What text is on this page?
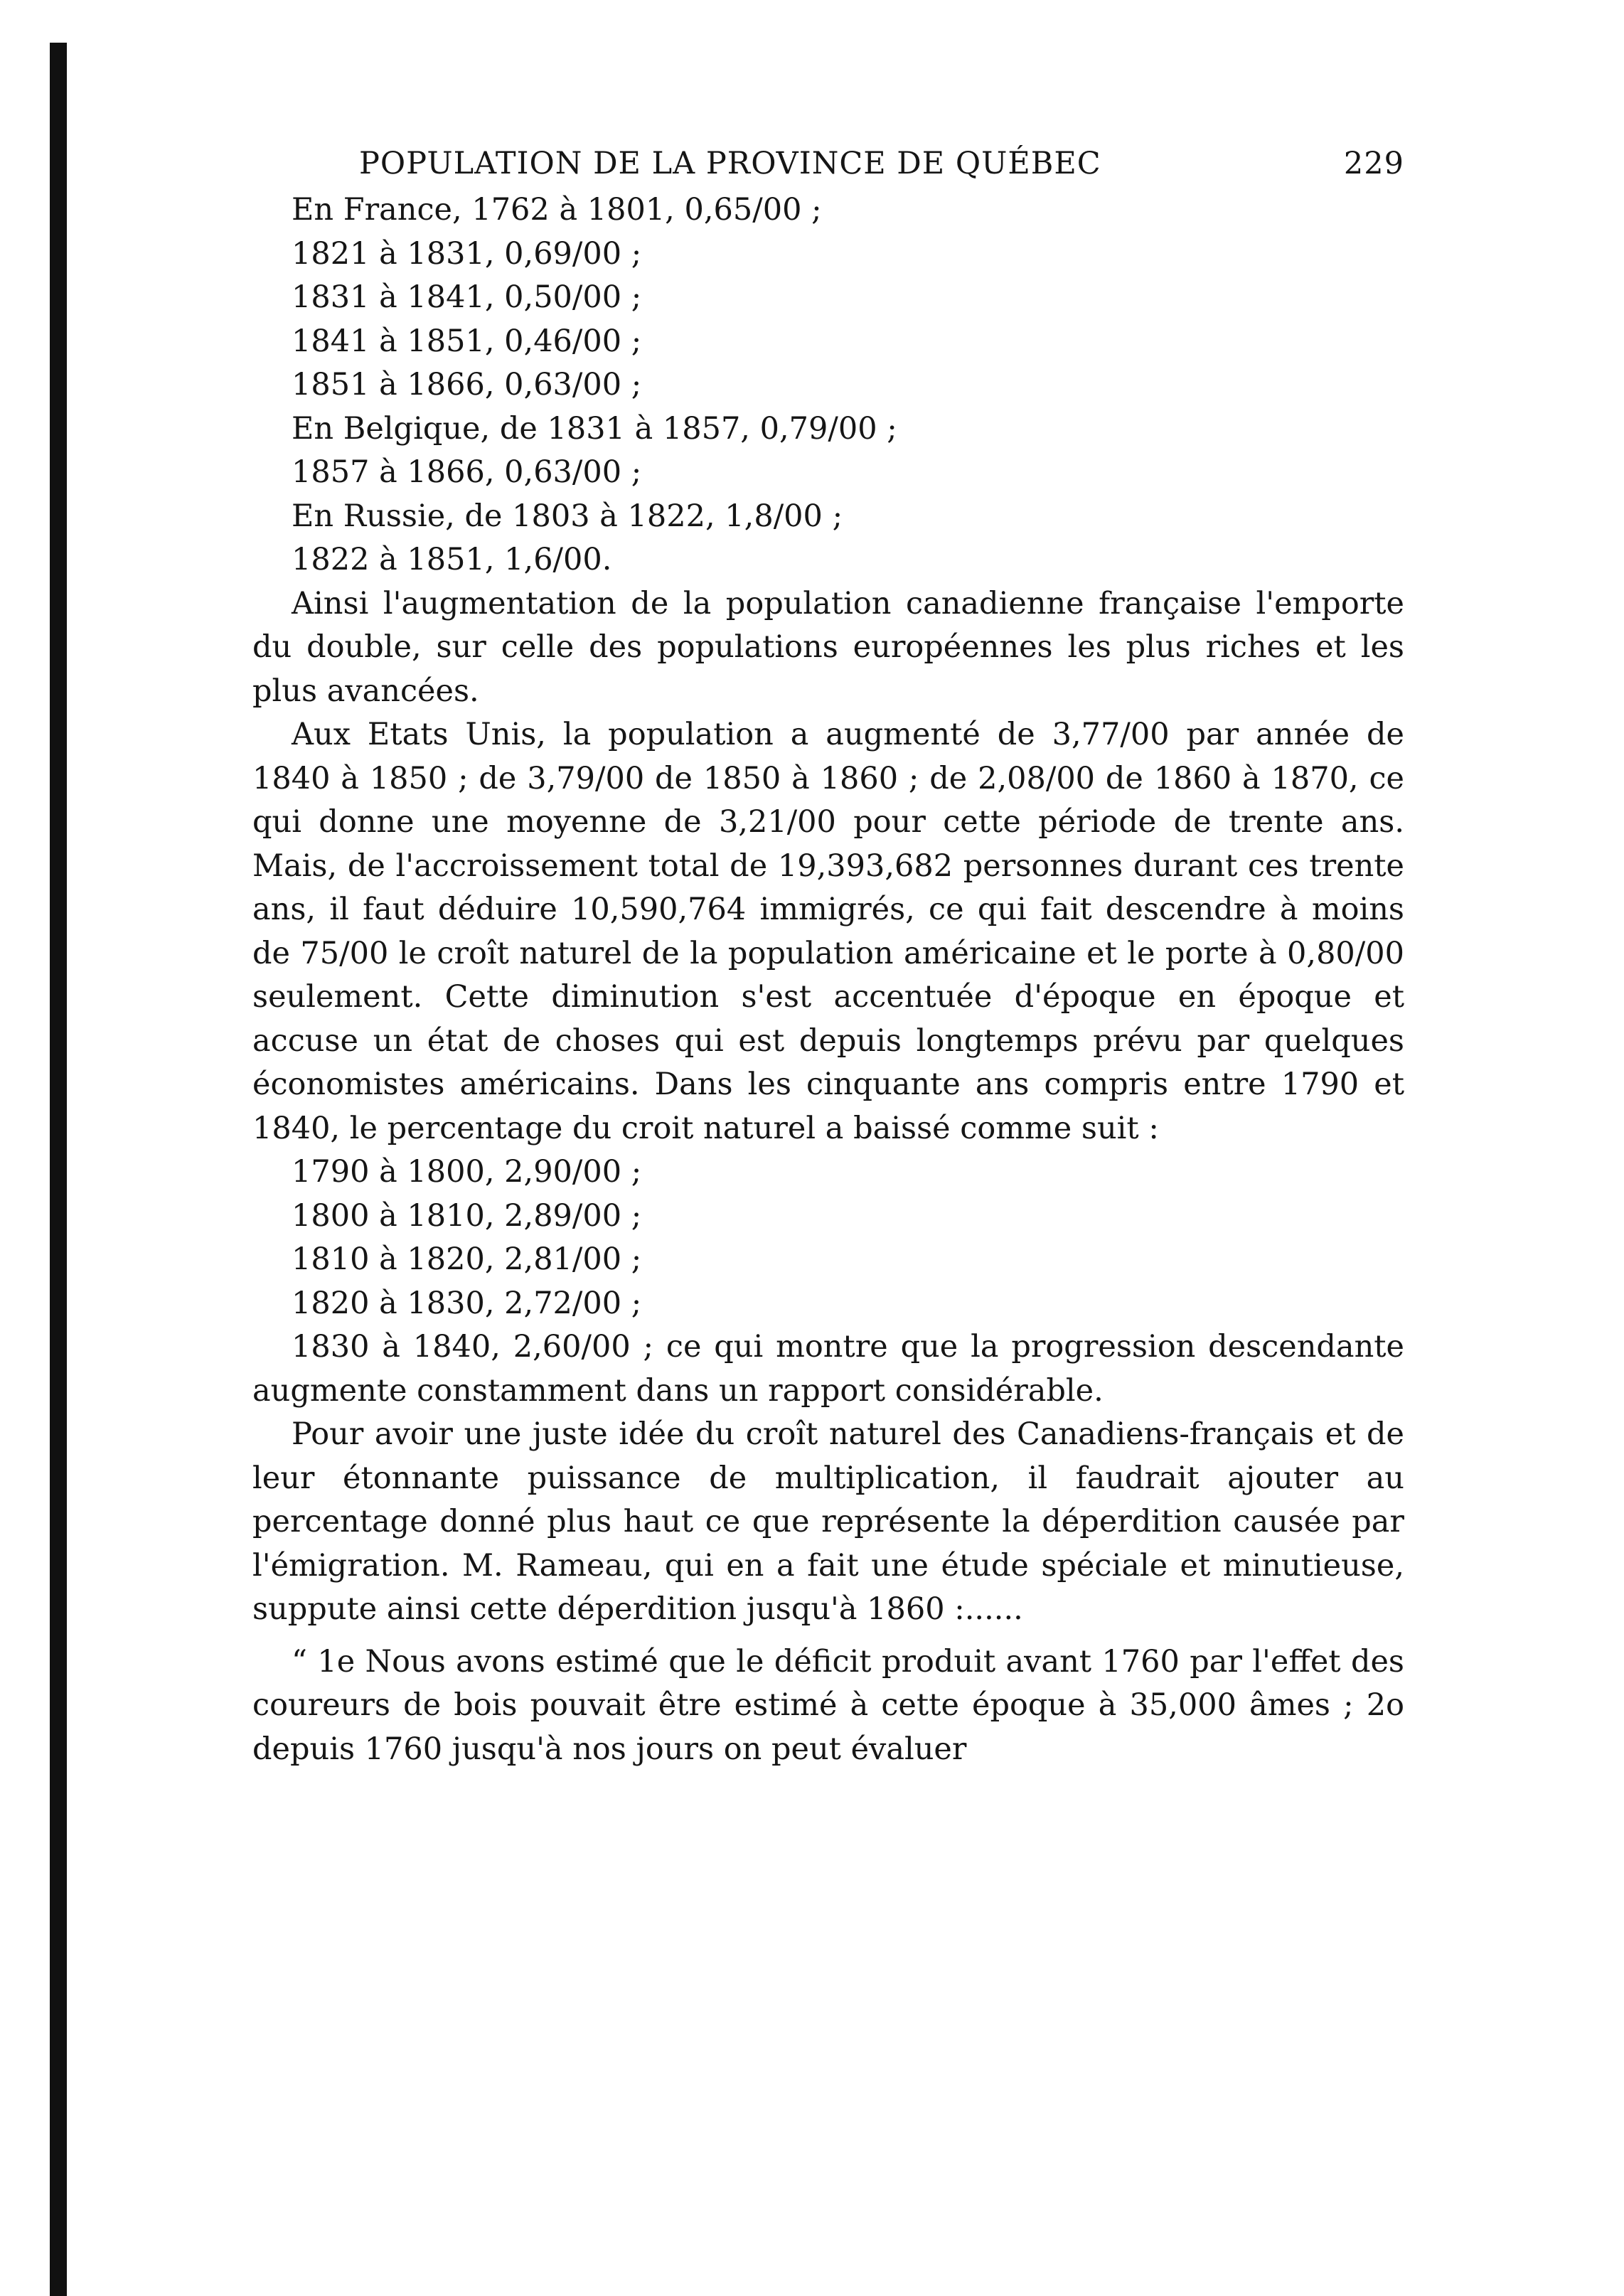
POPULATION DE LA PROVINCE DE QUÉBEC	229

En France, 1762 à 1801, 0,65/00 ;

1821 à 1831, 0,69/00 ;

1831 à 1841, 0,50/00 ;

1841 à 1851, 0,46/00 ;

1851 à 1866, 0,63/00 ;

En Belgique, de 1831 à 1857, 0,79/00 ;

1857 à 1866, 0,63/00 ;

En Russie, de 1803 à 1822, 1,8/00 ;

1822 à 1851, 1,6/00.

Ainsi l'augmentation de la population canadienne française l'emporte du double, sur celle des populations européennes les plus riches et les plus avancées.

Aux Etats Unis, la population a augmenté de 3,77/00 par année de 1840 à 1850 ; de 3,79/00 de 1850 à 1860 ; de 2,08/00 de 1860 à 1870, ce qui donne une moyenne de 3,21/00 pour cette période de trente ans. Mais, de l'accroissement total de 19,393,682 personnes durant ces trente ans, il faut déduire 10,590,764 immigrés, ce qui fait descendre à moins de 75/00 le croît naturel de la population américaine et le porte à 0,80/00 seulement. Cette diminution s'est accentuée d'époque en époque et accuse un état de choses qui est depuis longtemps prévu par quelques économistes américains. Dans les cinquante ans compris entre 1790 et 1840, le percentage du croit naturel a baissé comme suit :

1790 à 1800, 2,90/00 ;

1800 à 1810, 2,89/00 ;

1810 à 1820, 2,81/00 ;

1820 à 1830, 2,72/00 ;

1830 à 1840, 2,60/00 ; ce qui montre que la progression descendante augmente constamment dans un rapport considérable.

Pour avoir une juste idée du croît naturel des Canadiens-français et de leur étonnante puissance de multiplication, il faudrait ajouter au percentage donné plus haut ce que représente la déperdition causée par l'émigration. M. Rameau, qui en a fait une étude spéciale et minutieuse, suppute ainsi cette déperdition jusqu'à 1860 :......

“ 1e Nous avons estimé que le déficit produit avant 1760 par l'effet des coureurs de bois pouvait être estimé à cette époque à 35,000 âmes ; 2o depuis 1760 jusqu'à nos jours on peut évaluer
